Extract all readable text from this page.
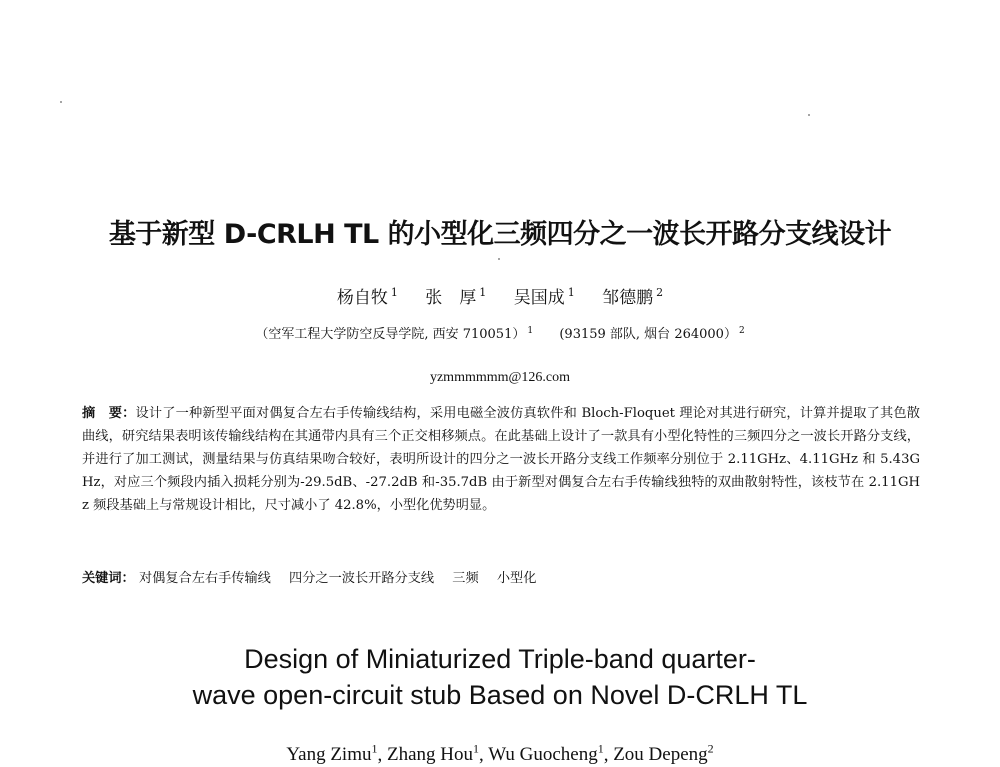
基于新型 D-CRLH TL 的小型化三频四分之一波长开路分支线设计
杨自牧 $^1$ 张　厚 $^1$ 吴国成 $^1$ 邹德鹏 $^2$
（空军工程大学防空反导学院, 西安 710051） $^1$ (93159 部队, 烟台 264000） $^2$
yzmmmmmm@126.com
摘　要：设计了一种新型平面对偶复合左右手传输线结构，采用电磁全波仿真软件和 Bloch-Floquet 理论对其进行研究，计算并提取了其色散曲线，研究结果表明该传输线结构在其通带内具有三个正交相移频点。在此基础上设计了一款具有小型化特性的三频四分之一波长开路分支线，并进行了加工测试，测量结果与仿真结果吻合较好，表明所设计的四分之一波长开路分支线工作频率分别位于 2.11GHz、4.11GHz 和 5.43GHz，对应三个频段内插入损耗分别为-29.5dB、-27.2dB 和-35.7dB 由于新型对偶复合左右手传输线独特的双曲散射特性，该枝节在 2.11GHz 频段基础上与常规设计相比，尺寸减小了 42.8%，小型化优势明显。
关键词： 对偶复合左右手传输线 四分之一波长开路分支线 三频 小型化
Design of Miniaturized Triple-band quarter-
wave open-circuit stub Based on Novel D-CRLH TL
Yang Zimu$^1$, Zhang Hou$^1$, Wu Guocheng$^1$, Zou Depeng$^2$
